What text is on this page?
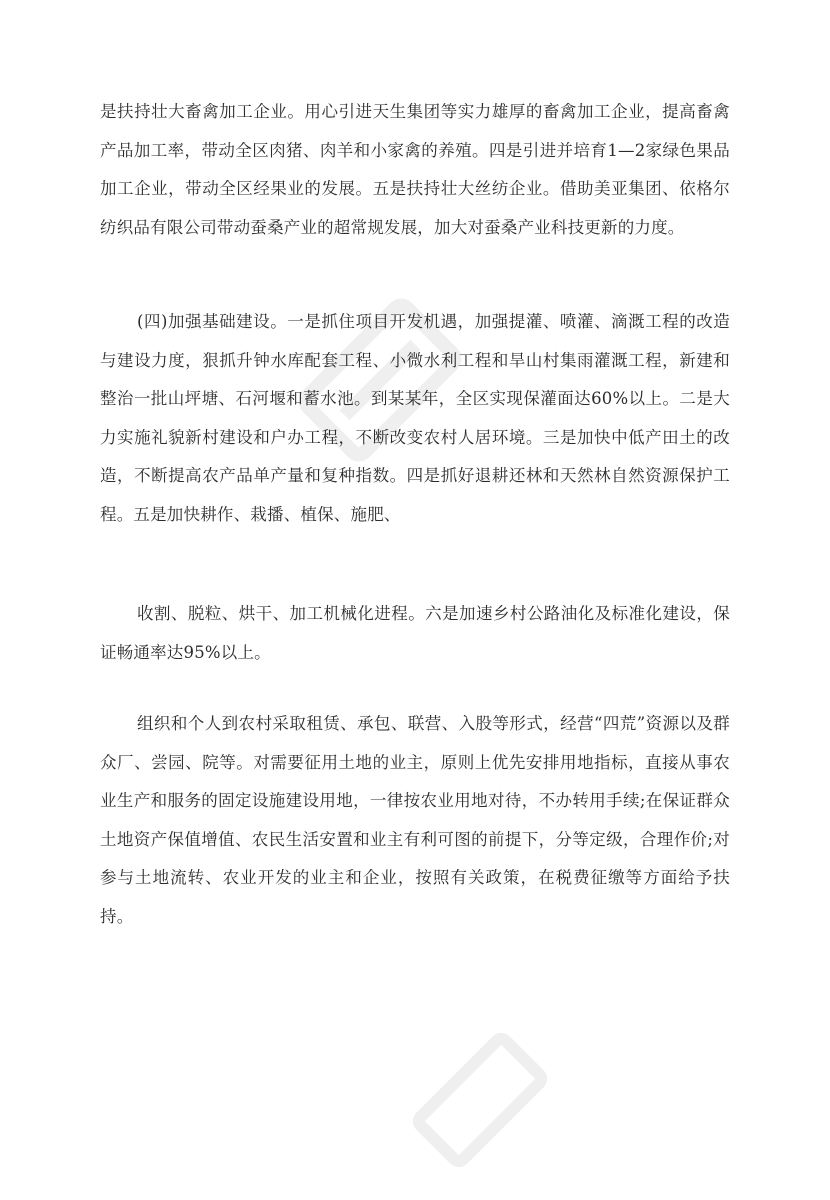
是扶持壮大畜禽加工企业。用心引进天生集团等实力雄厚的畜禽加工企业，提高畜禽产品加工率，带动全区肉猪、肉羊和小家禽的养殖。四是引进并培育1—2家绿色果品加工企业，带动全区经果业的发展。五是扶持壮大丝纺企业。借助美亚集团、依格尔纺织品有限公司带动蚕桑产业的超常规发展，加大对蚕桑产业科技更新的力度。

(四)加强基础建设。一是抓住项目开发机遇，加强提灌、喷灌、滴溉工程的改造与建设力度，狠抓升钟水库配套工程、小微水利工程和旱山村集雨灌溉工程，新建和整治一批山坪塘、石河堰和蓄水池。到某某年，全区实现保灌面达60%以上。二是大力实施礼貌新村建设和户办工程，不断改变农村人居环境。三是加快中低产田土的改造，不断提高农产品单产量和复种指数。四是抓好退耕还林和天然林自然资源保护工程。五是加快耕作、栽播、植保、施肥、

收割、脱粒、烘干、加工机械化进程。六是加速乡村公路油化及标准化建设，保证畅通率达95%以上。

组织和个人到农村采取租赁、承包、联营、入股等形式，经营“四荒”资源以及群众厂、尝园、院等。对需要征用土地的业主，原则上优先安排用地指标，直接从事农业生产和服务的固定设施建设用地，一律按农业用地对待，不办转用手续;在保证群众土地资产保值增值、农民生活安置和业主有利可图的前提下，分等定级，合理作价;对参与土地流转、农业开发的业主和企业，按照有关政策，在税费征缴等方面给予扶持。
